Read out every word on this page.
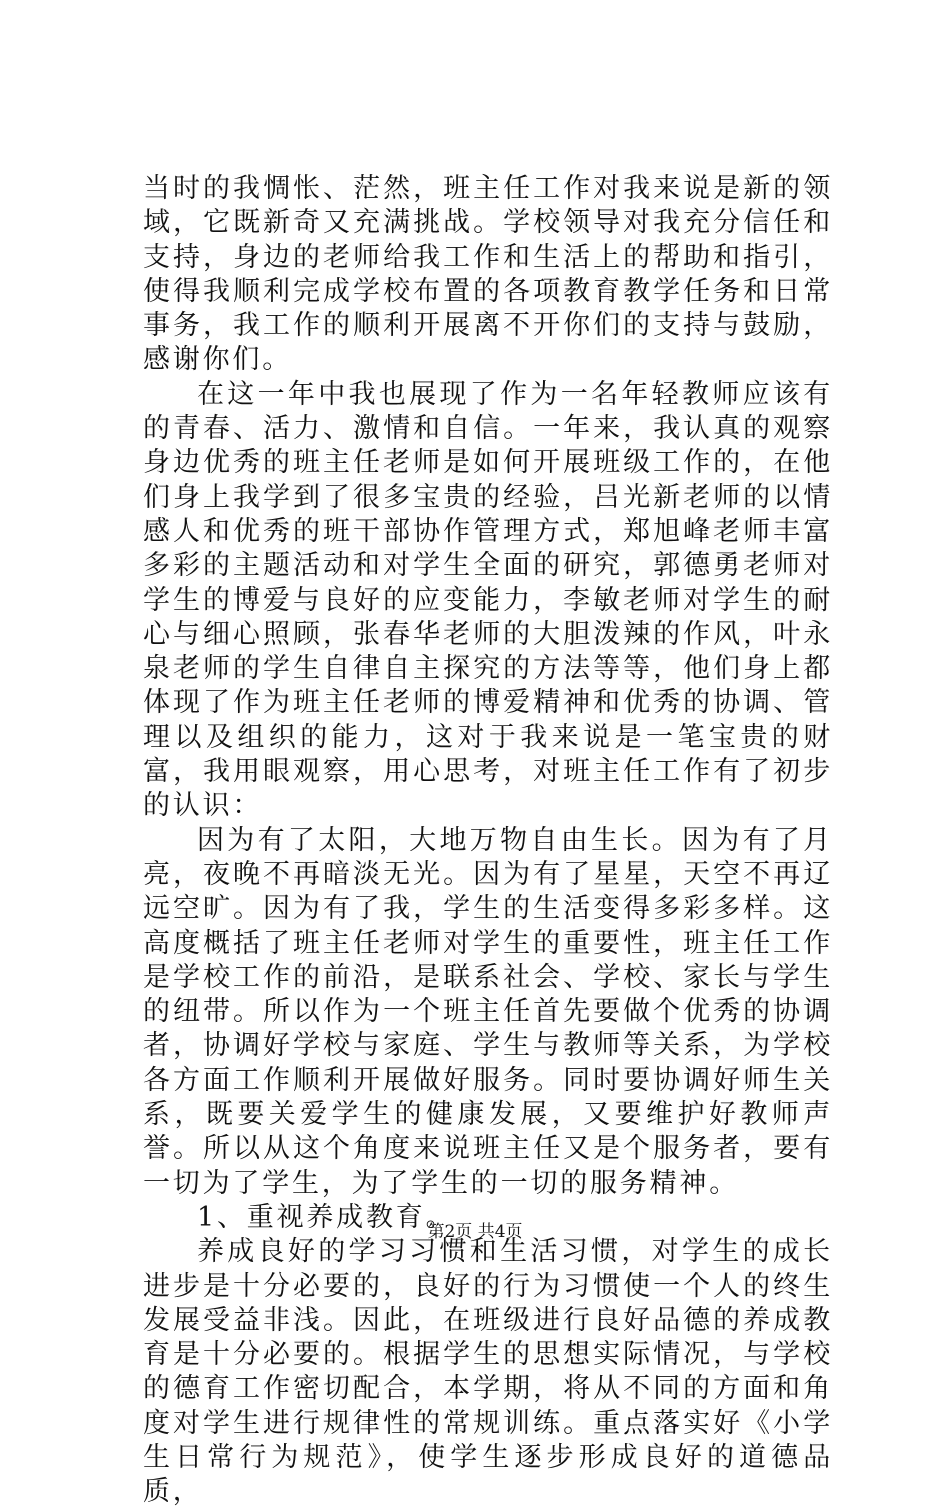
当时的我惆怅、茫然，班主任工作对我来说是新的领域，它既新奇又充满挑战。学校领导对我充分信任和支持，身边的老师给我工作和生活上的帮助和指引，使得我顺利完成学校布置的各项教育教学任务和日常事务，我工作的顺利开展离不开你们的支持与鼓励，感谢你们。

在这一年中我也展现了作为一名年轻教师应该有的青春、活力、激情和自信。一年来，我认真的观察身边优秀的班主任老师是如何开展班级工作的，在他们身上我学到了很多宝贵的经验，吕光新老师的以情感人和优秀的班干部协作管理方式，郑旭峰老师丰富多彩的主题活动和对学生全面的研究，郭德勇老师对学生的博爱与良好的应变能力，李敏老师对学生的耐心与细心照顾，张春华老师的大胆泼辣的作风，叶永泉老师的学生自律自主探究的方法等等，他们身上都体现了作为班主任老师的博爱精神和优秀的协调、管理以及组织的能力，这对于我来说是一笔宝贵的财富，我用眼观察，用心思考，对班主任工作有了初步的认识：

因为有了太阳，大地万物自由生长。因为有了月亮，夜晚不再暗淡无光。因为有了星星，天空不再辽远空旷。因为有了我，学生的生活变得多彩多样。这高度概括了班主任老师对学生的重要性，班主任工作是学校工作的前沿，是联系社会、学校、家长与学生的纽带。所以作为一个班主任首先要做个优秀的协调者，协调好学校与家庭、学生与教师等关系，为学校各方面工作顺利开展做好服务。同时要协调好师生关系，既要关爱学生的健康发展，又要维护好教师声誉。所以从这个角度来说班主任又是个服务者，要有一切为了学生，为了学生的一切的服务精神。

1、重视养成教育。

养成良好的学习习惯和生活习惯，对学生的成长进步是十分必要的，良好的行为习惯使一个人的终生发展受益非浅。因此，在班级进行良好品德的养成教育是十分必要的。根据学生的思想实际情况，与学校的德育工作密切配合，本学期，将从不同的方面和角度对学生进行规律性的常规训练。重点落实好《小学生日常行为规范》，使学生逐步形成良好的道德品质，

第2页 共4页
